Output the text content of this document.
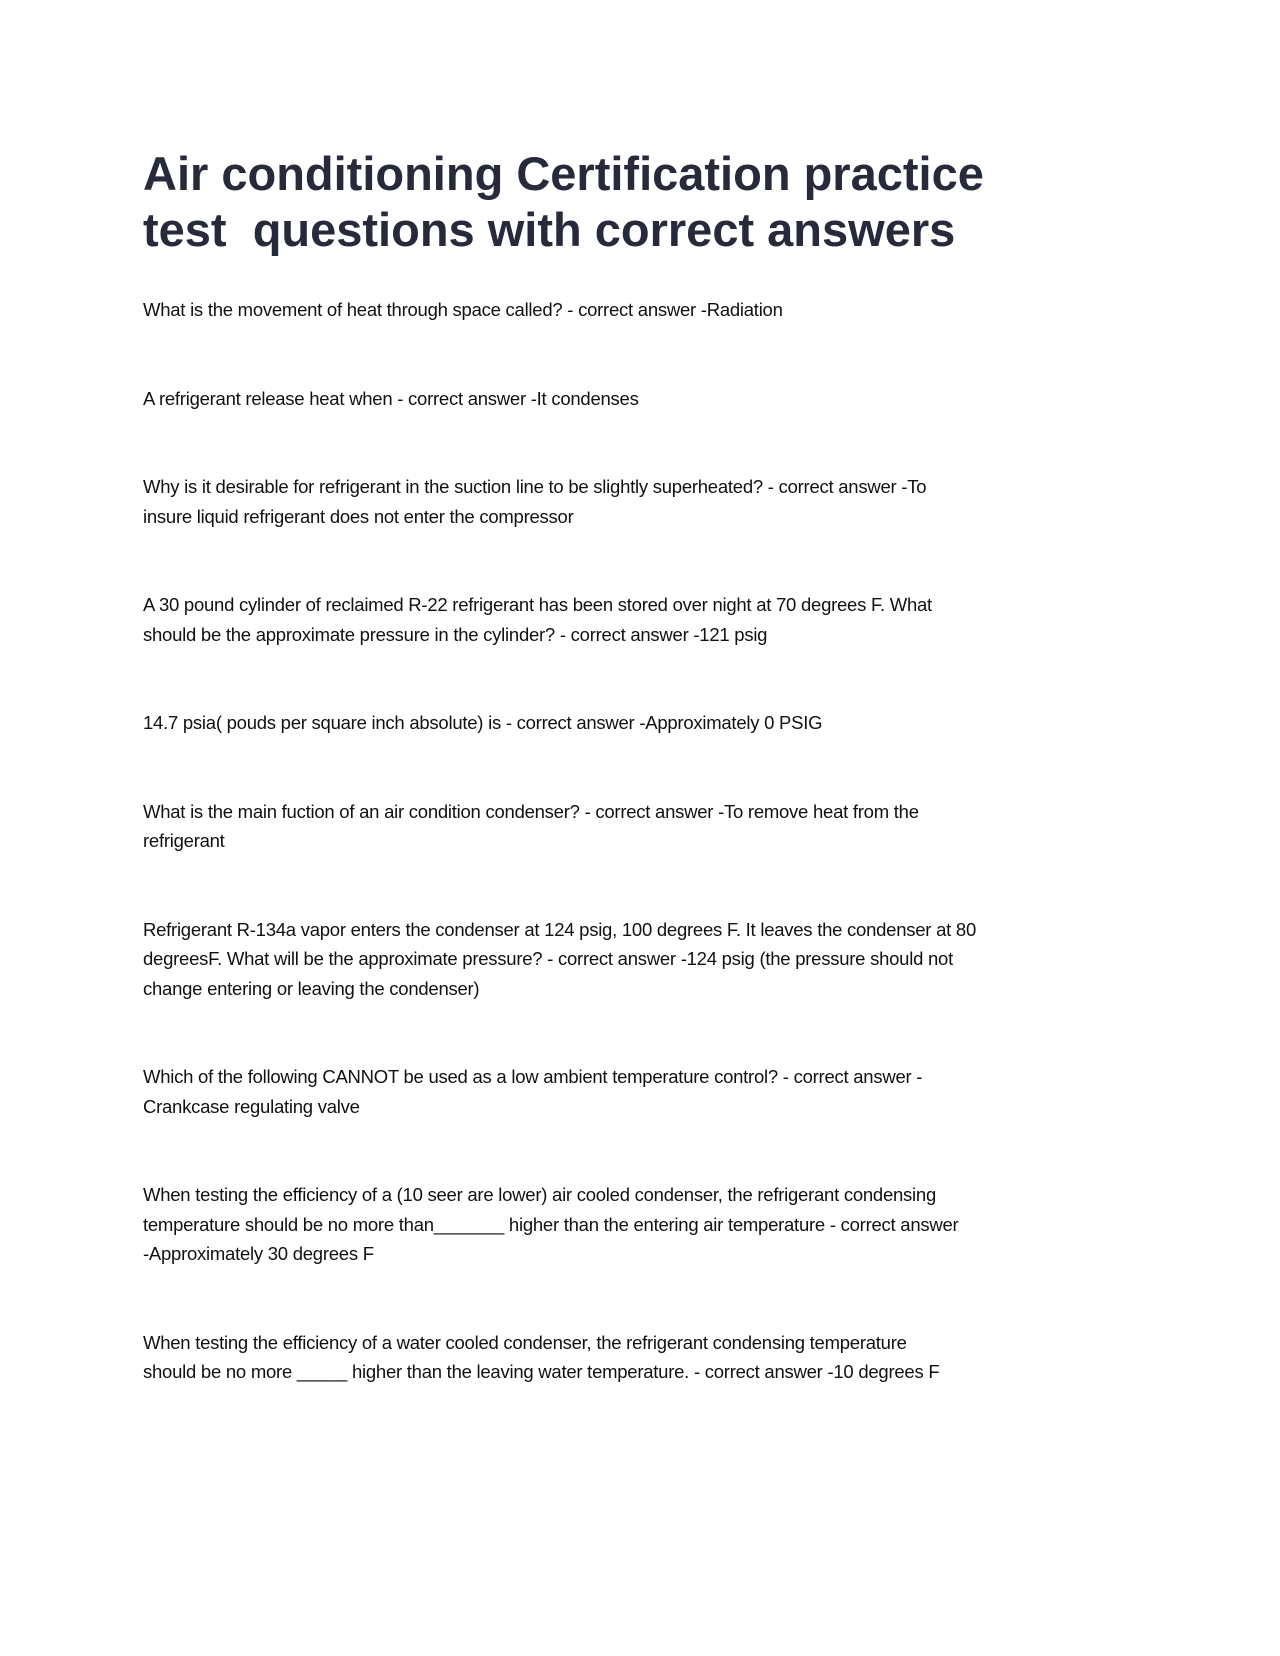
Air conditioning Certification practice
test  questions with correct answers
What is the movement of heat through space called? - correct answer -Radiation
A refrigerant release heat when - correct answer -It condenses
Why is it desirable for refrigerant in the suction line to be slightly superheated? - correct answer -To
insure liquid refrigerant does not enter the compressor
A 30 pound cylinder of reclaimed R-22 refrigerant has been stored over night at 70 degrees F. What
should be the approximate pressure in the cylinder? - correct answer -121 psig
14.7 psia( pouds per square inch absolute) is - correct answer -Approximately 0 PSIG
What is the main fuction of an air condition condenser? - correct answer -To remove heat from the
refrigerant
Refrigerant R-134a vapor enters the condenser at 124 psig, 100 degrees F. It leaves the condenser at 80
degreesF. What will be the approximate pressure? - correct answer -124 psig (the pressure should not
change entering or leaving the condenser)
Which of the following CANNOT be used as a low ambient temperature control? - correct answer -
Crankcase regulating valve
When testing the efficiency of a (10 seer are lower) air cooled condenser, the refrigerant condensing
temperature should be no more than_______ higher than the entering air temperature - correct answer
-Approximately 30 degrees F
When testing the efficiency of a water cooled condenser, the refrigerant condensing temperature
should be no more _____ higher than the leaving water temperature. - correct answer -10 degrees F
